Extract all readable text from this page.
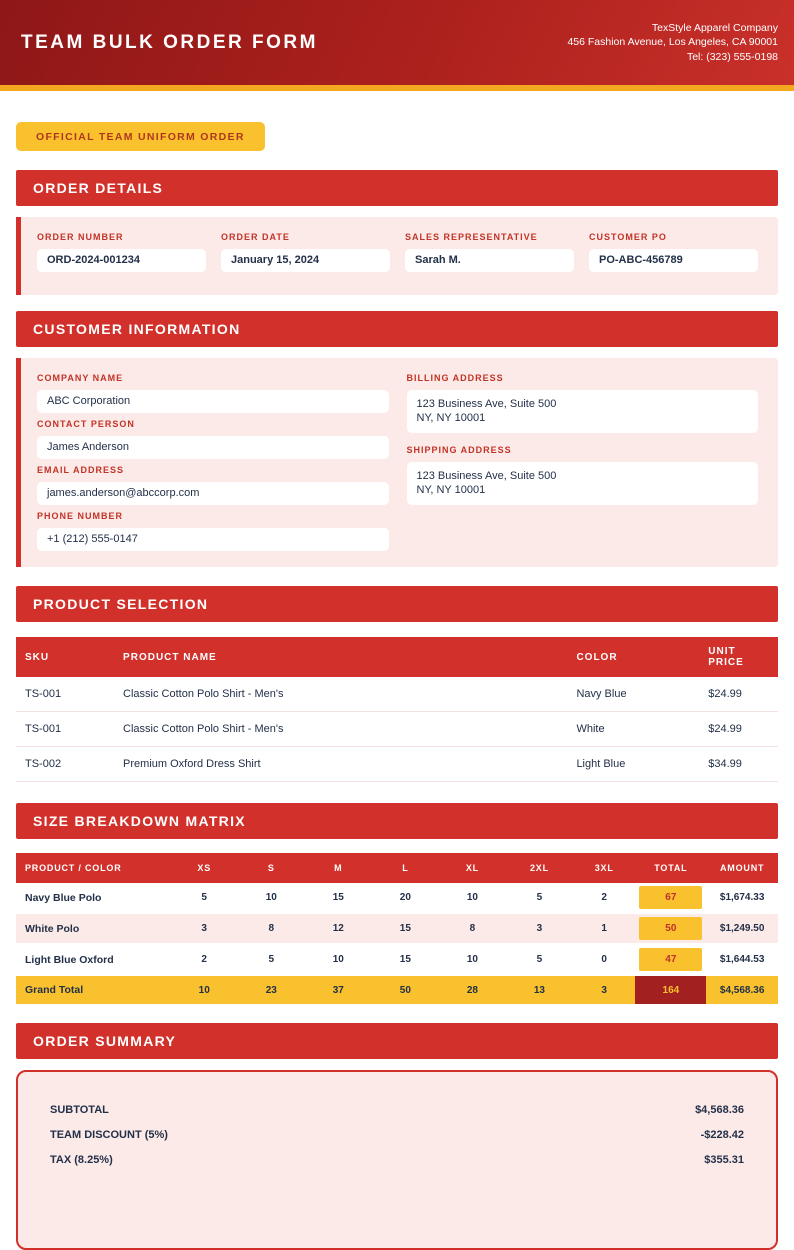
TEAM BULK ORDER FORM
TexStyle Apparel Company
456 Fashion Avenue, Los Angeles, CA 90001
Tel: (323) 555-0198
OFFICIAL TEAM UNIFORM ORDER
ORDER DETAILS
ORDER NUMBER
ORD-2024-001234
ORDER DATE
January 15, 2024
SALES REPRESENTATIVE
Sarah M.
CUSTOMER PO
PO-ABC-456789
CUSTOMER INFORMATION
COMPANY NAME
ABC Corporation
CONTACT PERSON
James Anderson
EMAIL ADDRESS
james.anderson@abccorp.com
PHONE NUMBER
+1 (212) 555-0147
BILLING ADDRESS
123 Business Ave, Suite 500
NY, NY 10001
SHIPPING ADDRESS
123 Business Ave, Suite 500
NY, NY 10001
PRODUCT SELECTION
SKU	PRODUCT NAME	COLOR	UNIT PRICE
TS-001	Classic Cotton Polo Shirt - Men's	Navy Blue	$24.99
TS-001	Classic Cotton Polo Shirt - Men's	White	$24.99
TS-002	Premium Oxford Dress Shirt	Light Blue	$34.99
SIZE BREAKDOWN MATRIX
PRODUCT / COLOR	XS	S	M	L	XL	2XL	3XL	TOTAL	AMOUNT
Navy Blue Polo	5	10	15	20	10	5	2	67	$1,674.33
White Polo	3	8	12	15	8	3	1	50	$1,249.50
Light Blue Oxford	2	5	10	15	10	5	0	47	$1,644.53
Grand Total	10	23	37	50	28	13	3	164	$4,568.36
ORDER SUMMARY
SUBTOTAL	$4,568.36
TEAM DISCOUNT (5%)	-$228.42
TAX (8.25%)	$355.31
